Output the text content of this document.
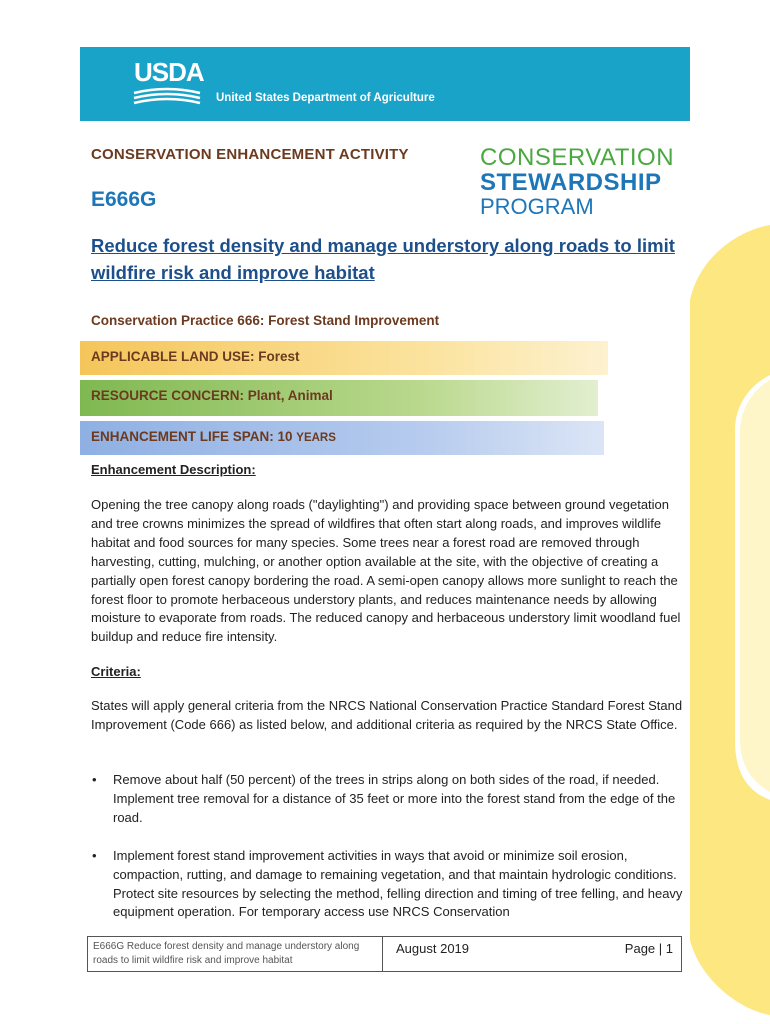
USDA
United States Department of Agriculture
CONSERVATION ENHANCEMENT ACTIVITY
E666G
CONSERVATION
STEWARDSHIP
PROGRAM
Reduce forest density and manage understory along roads to limit wildfire risk and improve habitat
Conservation Practice 666: Forest Stand Improvement
APPLICABLE LAND USE: Forest
RESOURCE CONCERN: Plant, Animal
ENHANCEMENT LIFE SPAN: 10 YEARS
Enhancement Description:

Opening the tree canopy along roads ("daylighting") and providing space between ground vegetation and tree crowns minimizes the spread of wildfires that often start along roads, and improves wildlife habitat and food sources for many species. Some trees near a forest road are removed through harvesting, cutting, mulching, or another option available at the site, with the objective of creating a partially open forest canopy bordering the road. A semi-open canopy allows more sunlight to reach the forest floor to promote herbaceous understory plants, and reduces maintenance needs by allowing moisture to evaporate from roads. The reduced canopy and herbaceous understory limit woodland fuel buildup and reduce fire intensity.

Criteria:

States will apply general criteria from the NRCS National Conservation Practice Standard Forest Stand Improvement (Code 666) as listed below, and additional criteria as required by the NRCS State Office.

• Remove about half (50 percent) of the trees in strips along on both sides of the road, if needed. Implement tree removal for a distance of 35 feet or more into the forest stand from the edge of the road.
• Implement forest stand improvement activities in ways that avoid or minimize soil erosion, compaction, rutting, and damage to remaining vegetation, and that maintain hydrologic conditions. Protect site resources by selecting the method, felling direction and timing of tree felling, and heavy equipment operation. For temporary access use NRCS Conservation
E666G Reduce forest density and manage understory along roads to limit wildfire risk and improve habitat
August 2019	Page | 1
